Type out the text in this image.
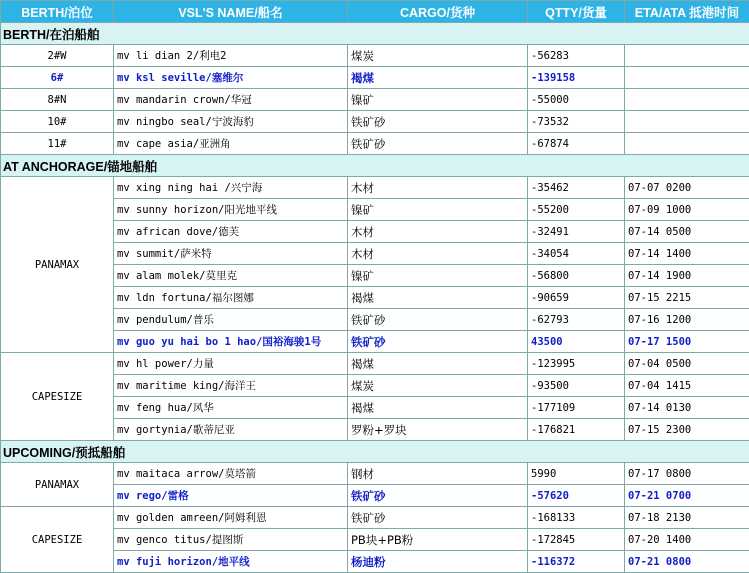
BERTH/泊位	VSL'S NAME/船名	CARGO/货种	QTTY/货量	ETA/ATA 抵港时间
BERTH/在泊船舶				
2#W	mv li dian 2/利电2	煤炭	-56283	
6#	mv ksl seville/塞维尔	褐煤	-139158	
8#N	mv mandarin crown/华冠	镍矿	-55000	
10#	mv ningbo seal/宁波海豹	铁矿砂	-73532	
11#	mv cape asia/亚洲角	铁矿砂	-67874	
AT ANCHORAGE/锚地船舶				
PANAMAX	mv xing ning hai /兴宁海	木材	-35462	07-07 0200
	mv sunny horizon/阳光地平线	镍矿	-55200	07-09 1000
	mv african dove/德芙	木材	-32491	07-14 0500
	mv summit/萨米特	木材	-34054	07-14 1400
	mv alam molek/莫里克	镍矿	-56800	07-14 1900
	mv ldn fortuna/福尔图娜	褐煤	-90659	07-15 2215
	mv pendulum/普乐	铁矿砂	-62793	07-16 1200
	mv guo yu hai bo 1 hao/国裕海骏1号	铁矿砂	43500	07-17 1500
CAPESIZE	mv hl power/力量	褐煤	-123995	07-04 0500
	mv maritime king/海洋王	煤炭	-93500	07-04 1415
	mv feng hua/风华	褐煤	-177109	07-14 0130
	mv gortynia/歌蒂尼亚	罗粉+罗块	-176821	07-15 2300
UPCOMING/预抵船舶				
PANAMAX	mv maitaca arrow/莫塔箭	钢材	5990	07-17 0800
	mv rego/雷格	铁矿砂	-57620	07-21 0700
CAPESIZE	mv golden amreen/阿姆利恩	铁矿砂	-168133	07-18 2130
	mv genco titus/提图斯	PB块+PB粉	-172845	07-20 1400
	mv fuji horizon/地平线	杨迪粉	-116372	07-21 0800
